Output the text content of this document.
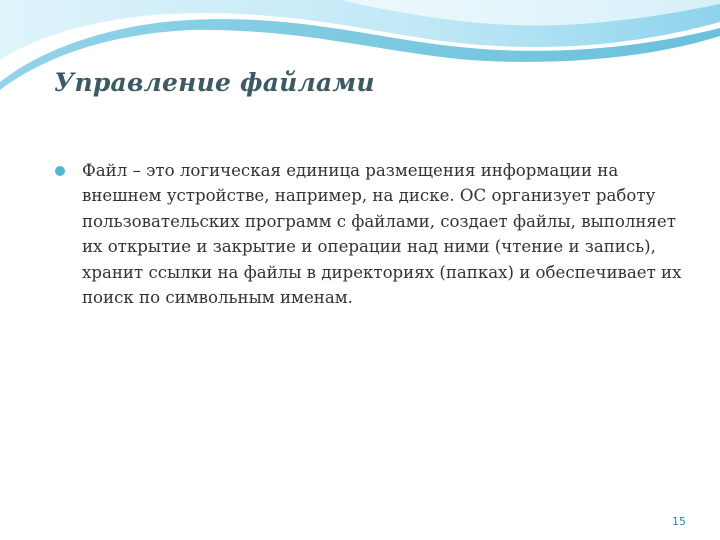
Управление файлами
Файл – это логическая единица размещения информации на внешнем устройстве, например, на диске. ОС организует работу пользовательских программ с файлами, создает файлы, выполняет их открытие и закрытие и операции над ними (чтение и запись), хранит ссылки на файлы в директориях (папках) и обеспечивает их поиск по символьным именам.
15
